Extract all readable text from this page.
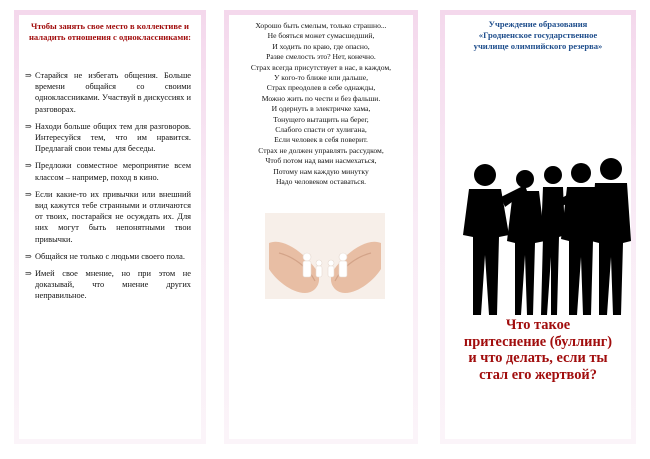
Чтобы занять свое место в коллективе и наладить отношения с одноклассниками:

⇒ Старайся не избегать общения. Больше времени общайся со своими одноклассниками. Участвуй в дискуссиях и разговорах.
⇒ Находи больше общих тем для разговоров. Интересуйся тем, что им нравится. Предлагай свои темы для беседы.
⇒ Предложи совместное мероприятие всем классом – например, поход в кино.
⇒ Если какие-то их привычки или внешний вид кажутся тебе странными и отличаются от твоих, постарайся не осуждать их. Для них могут быть непонятными твои привычки.
⇒ Общайся не только с людьми своего пола.
⇒ Имей свое мнение, но при этом не доказывай, что мнение других неправильное.
Хорошо быть смелым, только страшно...
Не бояться может сумасшедший,
И ходить по краю, где опасно,
Разве смелость это? Нет, конечно.
Страх всегда присутствует в нас, в каждом,
У кого-то ближе или дальше,
Страх преодолев в себе однажды,
Можно жить по чести и без фальши.
И одернуть в электричке хама,
Тонущего вытащить на берег,
Слабого спасти от хулигана,
Если человек в себя поверит.
Страх не должен управлять рассудком,
Чтоб потом над вами насмехаться,
Потому нам каждую минутку
Надо человеком оставаться.
Учреждение образования
«Гродненское государственное
училище олимпийского резерва»
Что такое
притеснение (буллинг)
и что делать, если ты
стал его жертвой?
